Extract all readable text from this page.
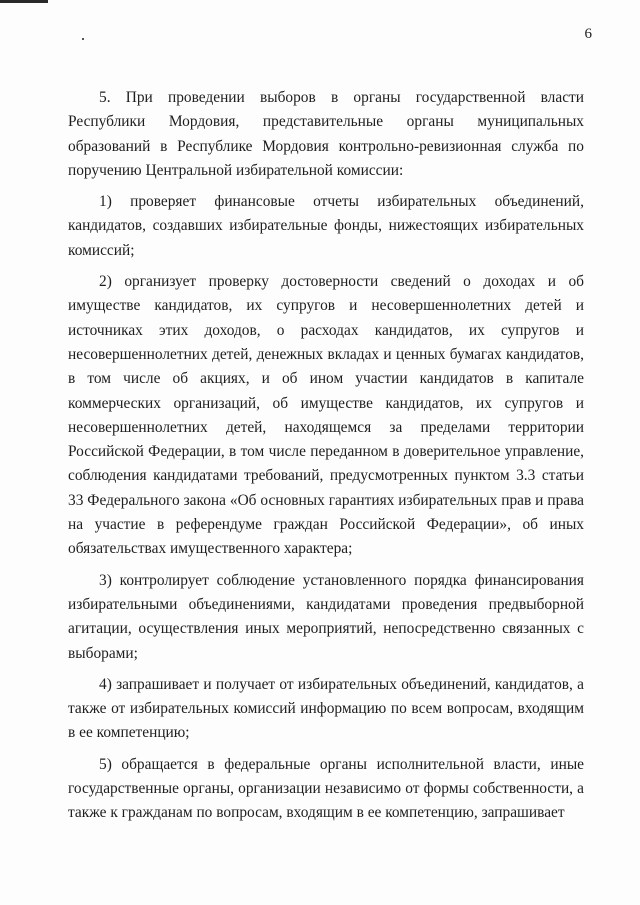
6

5. При проведении выборов в органы государственной власти Республики Мордовия, представительные органы муниципальных образований в Республике Мордовия контрольно-ревизионная служба по поручению Центральной избирательной комиссии:

1) проверяет финансовые отчеты избирательных объединений, кандидатов, создавших избирательные фонды, нижестоящих избирательных комиссий;

2) организует проверку достоверности сведений о доходах и об имуществе кандидатов, их супругов и несовершеннолетних детей и источниках этих доходов, о расходах кандидатов, их супругов и несовершеннолетних детей, денежных вкладах и ценных бумагах кандидатов, в том числе об акциях, и об ином участии кандидатов в капитале коммерческих организаций, об имуществе кандидатов, их супругов и несовершеннолетних детей, находящемся за пределами территории Российской Федерации, в том числе переданном в доверительное управление, соблюдения кандидатами требований, предусмотренных пунктом 3.3 статьи 33 Федерального закона «Об основных гарантиях избирательных прав и права на участие в референдуме граждан Российской Федерации», об иных обязательствах имущественного характера;

3) контролирует соблюдение установленного порядка финансирования избирательными объединениями, кандидатами проведения предвыборной агитации, осуществления иных мероприятий, непосредственно связанных с выборами;

4) запрашивает и получает от избирательных объединений, кандидатов, а также от избирательных комиссий информацию по всем вопросам, входящим в ее компетенцию;

5) обращается в федеральные органы исполнительной власти, иные государственные органы, организации независимо от формы собственности, а также к гражданам по вопросам, входящим в ее компетенцию, запрашивает
